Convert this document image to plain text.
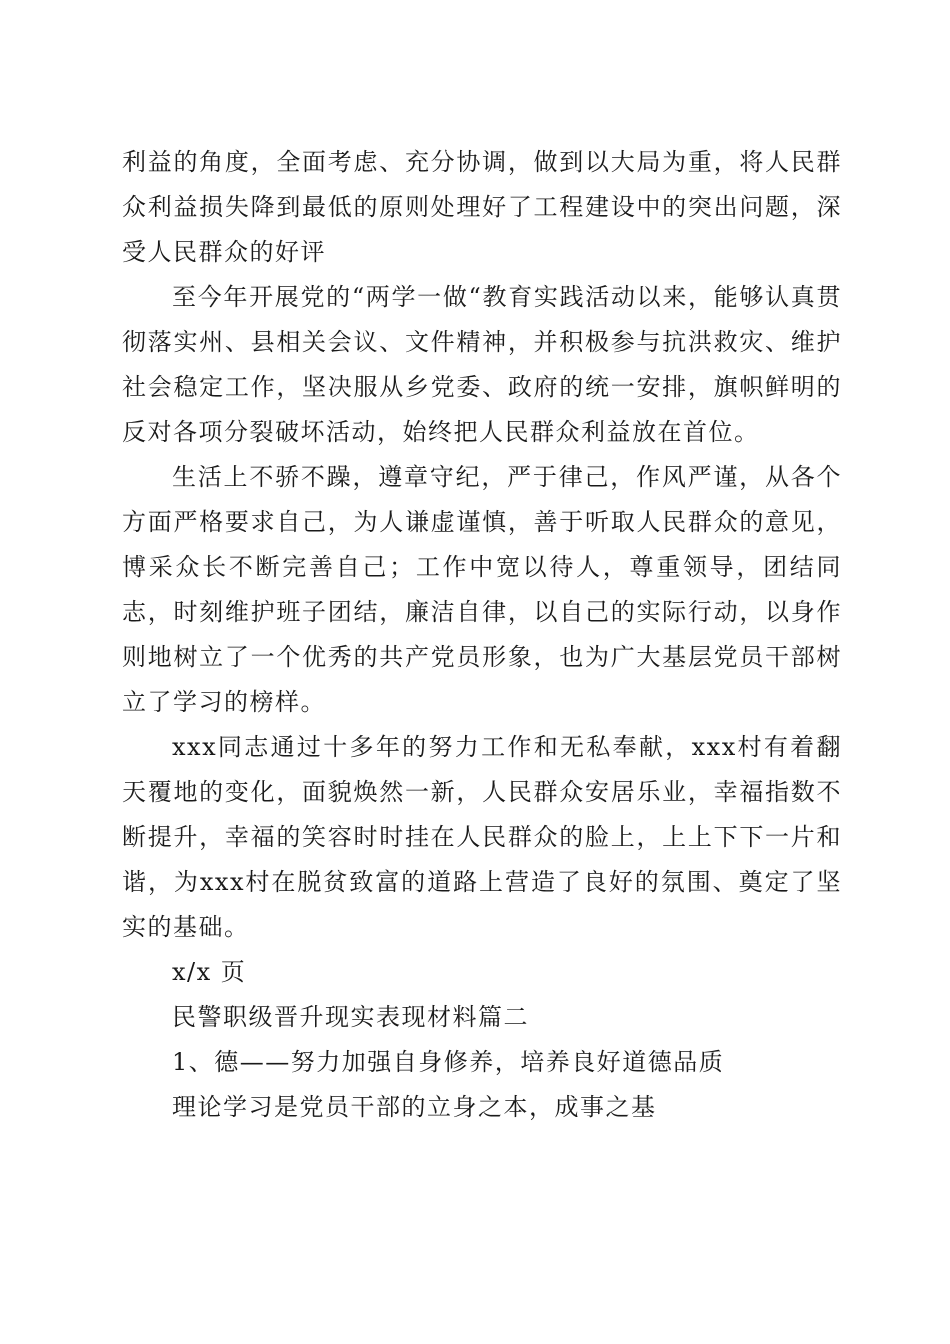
利益的角度，全面考虑、充分协调，做到以大局为重，将人民群众利益损失降到最低的原则处理好了工程建设中的突出问题，深受人民群众的好评

至今年开展党的“两学一做“教育实践活动以来，能够认真贯彻落实州、县相关会议、文件精神，并积极参与抗洪救灾、维护社会稳定工作，坚决服从乡党委、政府的统一安排，旗帜鲜明的反对各项分裂破坏活动，始终把人民群众利益放在首位。

生活上不骄不躁，遵章守纪，严于律己，作风严谨，从各个方面严格要求自己，为人谦虚谨慎，善于听取人民群众的意见，博采众长不断完善自己；工作中宽以待人，尊重领导，团结同志，时刻维护班子团结，廉洁自律，以自己的实际行动，以身作则地树立了一个优秀的共产党员形象，也为广大基层党员干部树立了学习的榜样。

xxx同志通过十多年的努力工作和无私奉献，xxx村有着翻天覆地的变化，面貌焕然一新，人民群众安居乐业，幸福指数不断提升，幸福的笑容时时挂在人民群众的脸上，上上下下一片和谐，为xxx村在脱贫致富的道路上营造了良好的氛围、奠定了坚实的基础。

x/x 页

民警职级晋升现实表现材料篇二

1、德——努力加强自身修养，培养良好道德品质

理论学习是党员干部的立身之本，成事之基
